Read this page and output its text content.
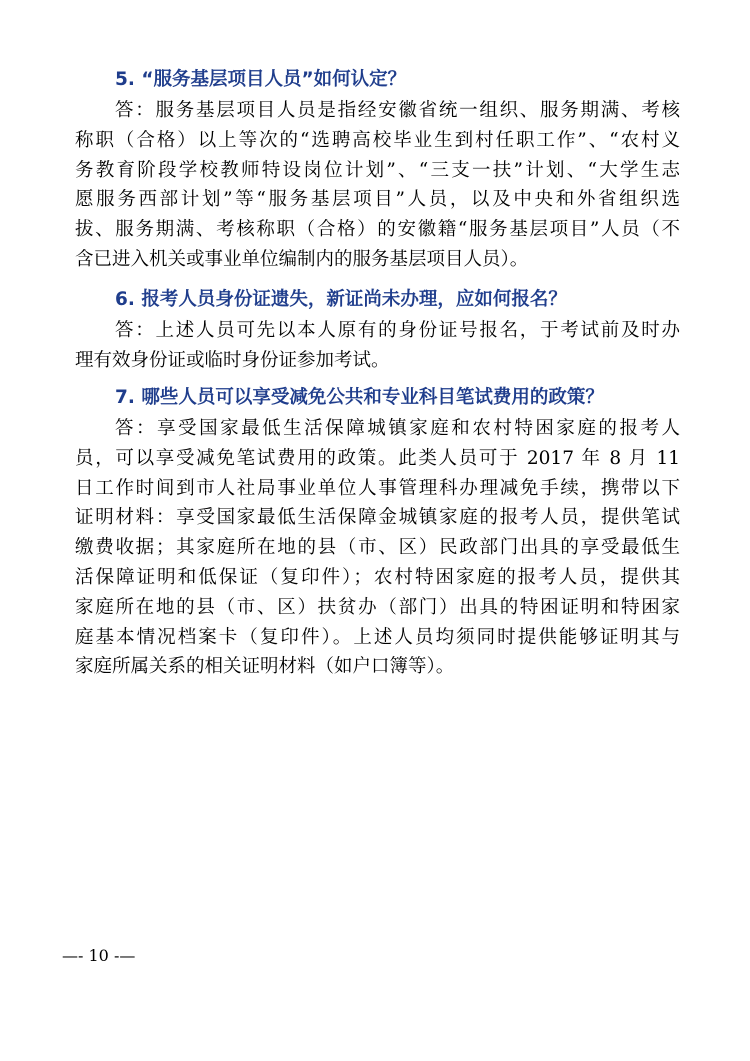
5. “服务基层项目人员”如何认定？
答：服务基层项目人员是指经安徽省统一组织、服务期满、考核
称职（合格）以上等次的“选聘高校毕业生到村任职工作”、“农村义
务教育阶段学校教师特设岗位计划”、“三支一扶”计划、“大学生志
愿服务西部计划”等“服务基层项目”人员，以及中央和外省组织选
拔、服务期满、考核称职（合格）的安徽籍“服务基层项目”人员（不
含已进入机关或事业单位编制内的服务基层项目人员）。
6. 报考人员身份证遗失，新证尚未办理，应如何报名？
答：上述人员可先以本人原有的身份证号报名，于考试前及时办
理有效身份证或临时身份证参加考试。
7. 哪些人员可以享受减免公共和专业科目笔试费用的政策？
答：享受国家最低生活保障城镇家庭和农村特困家庭的报考人
员，可以享受减免笔试费用的政策。此类人员可于 2017 年 8 月 11
日工作时间到市人社局事业单位人事管理科办理减免手续，携带以下
证明材料：享受国家最低生活保障金城镇家庭的报考人员，提供笔试
缴费收据；其家庭所在地的县（市、区）民政部门出具的享受最低生
活保障证明和低保证（复印件）；农村特困家庭的报考人员，提供其
家庭所在地的县（市、区）扶贫办（部门）出具的特困证明和特困家
庭基本情况档案卡（复印件）。上述人员均须同时提供能够证明其与
家庭所属关系的相关证明材料（如户口簿等）。
—- 10 -—
